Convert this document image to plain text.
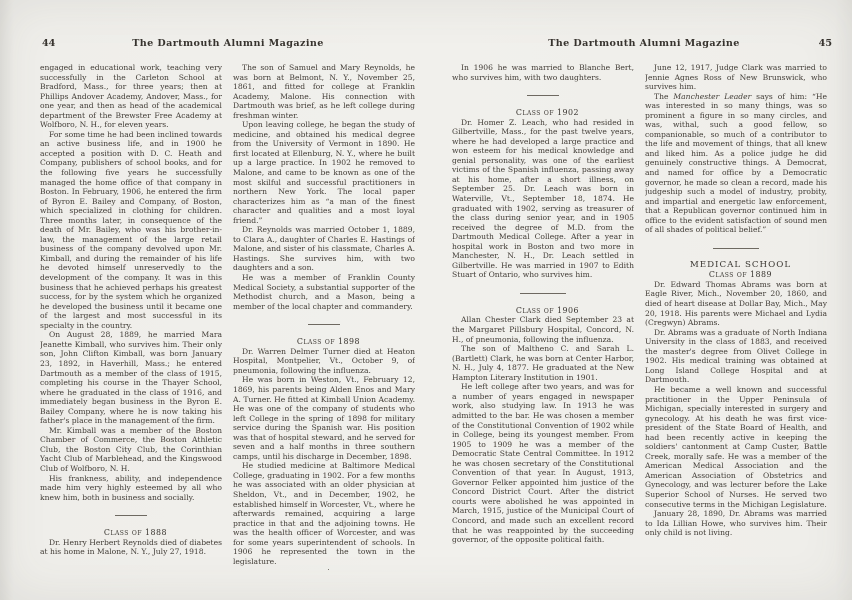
44	The Dartmouth Alumni Magazine

engaged in educational work, teaching very successfully in the Carleton School at Bradford, Mass., for three years; then at Phillips Andover Academy, Andover, Mass., for one year, and then as head of the academical department of the Brewster Free Academy at Wolfboro, N. H., for eleven years.

For some time he had been inclined towards an active business life, and in 1900 he accepted a position with D. C. Heath and Company, publishers of school books, and for the following five years he successfully managed the home office of that company in Boston. In February, 1906, he entered the firm of Byron E. Bailey and Company, of Boston, which specialized in clothing for children. Three months later, in consequence of the death of Mr. Bailey, who was his brother-in-law, the management of the large retail business of the company devolved upon Mr. Kimball, and during the remainder of his life he devoted himself unreservedly to the development of the company. It was in this business that he achieved perhaps his greatest success, for by the system which he organized he developed the business until it became one of the largest and most successful in its specialty in the country.

On August 28, 1889, he married Mara Jeanette Kimball, who survives him. Their only son, John Clifton Kimball, was born January 23, 1892, in Haverhill, Mass.; he entered Dartmouth as a member of the class of 1915, completing his course in the Thayer School, where he graduated in the class of 1916, and immediately began business in the Byron E. Bailey Company, where he is now taking his father's place in the management of the firm.

Mr. Kimball was a member of the Boston Chamber of Commerce, the Boston Athletic Club, the Boston City Club, the Corinthian Yacht Club of Marblehead, and the Kingswood Club of Wolfboro, N. H.

His frankness, ability, and independence made him very highly esteemed by all who knew him, both in business and socially.

Class of 1888

Dr. Henry Herbert Reynolds died of diabetes at his home in Malone, N. Y., July 27, 1918.

The son of Samuel and Mary Reynolds, he was born at Belmont, N. Y., November 25, 1861, and fitted for college at Franklin Academy, Malone. His connection with Dartmouth was brief, as he left college during freshman winter.

Upon leaving college, he began the study of medicine, and obtained his medical degree from the University of Vermont in 1890. He first located at Ellenburg, N. Y., where he built up a large practice. In 1902 he removed to Malone, and came to be known as one of the most skilful and successful practitioners in northern New York. The local paper characterizes him as “a man of the finest character and qualities and a most loyal friend.”

Dr. Reynolds was married October 1, 1889, to Clara A., daughter of Charles E. Hastings of Malone, and sister of his classmate, Charles A. Hastings. She survives him, with two daughters and a son.

He was a member of Franklin County Medical Society, a substantial supporter of the Methodist church, and a Mason, being a member of the local chapter and commandery.

Class of 1898

Dr. Warren Delmer Turner died at Heaton Hospital, Montpelier, Vt., October 9, of pneumonia, following the influenza.

He was born in Weston, Vt., February 12, 1869, his parents being Alden Enos and Mary A. Turner. He fitted at Kimball Union Academy. He was one of the company of students who left College in the spring of 1898 for military service during the Spanish war. His position was that of hospital steward, and he served for seven and a half months in three southern camps, until his discharge in December, 1898.

He studied medicine at Baltimore Medical College, graduating in 1902. For a few months he was associated with an older physician at Sheldon, Vt., and in December, 1902, he established himself in Worcester, Vt., where he afterwards remained, acquiring a large practice in that and the adjoining towns. He was the health officer of Worcester, and was for some years superintendent of schools. In 1906 he represented the town in the legislature.

·

45
The Dartmouth Alumni Magazine

In 1906 he was married to Blanche Bert, who survives him, with two daughters.

Class of 1902

Dr. Homer Z. Leach, who had resided in Gilbertville, Mass., for the past twelve years, where he had developed a large practice and won esteem for his medical knowledge and genial personality, was one of the earliest victims of the Spanish influenza, passing away at his home, after a short illness, on September 25. Dr. Leach was born in Waterville, Vt., September 18, 1874. He graduated with 1902, serving as treasurer of the class during senior year, and in 1905 received the degree of M.D. from the Dartmouth Medical College. After a year in hospital work in Boston and two more in Manchester, N. H., Dr. Leach settled in Gilbertville. He was married in 1907 to Edith Stuart of Ontario, who survives him.

Class of 1906

Allan Chester Clark died September 23 at the Margaret Pillsbury Hospital, Concord, N. H., of pneumonia, following the influenza.

The son of Maltheno C. and Sarah L. (Bartlett) Clark, he was born at Center Harbor, N. H., July 4, 1877. He graduated at the New Hampton Literary Institution in 1901.

He left college after two years, and was for a number of years engaged in newspaper work, also studying law. In 1913 he was admitted to the bar. He was chosen a member of the Constitutional Convention of 1902 while in College, being its youngest member. From 1905 to 1909 he was a member of the Democratic State Central Committee. In 1912 he was chosen secretary of the Constitutional Convention of that year. In August, 1913, Governor Felker appointed him justice of the Concord District Court. After the district courts were abolished he was appointed in March, 1915, justice of the Municipal Court of Concord, and made such an excellent record that he was reappointed by the succeeding governor, of the opposite political faith.

June 12, 1917, Judge Clark was married to Jennie Agnes Ross of New Brunswick, who survives him.

The Manchester Leader says of him: “He was interested in so many things, was so prominent a figure in so many circles, and was, withal, such a good fellow, so companionable, so much of a contributor to the life and movement of things, that all knew and liked him. As a police judge he did genuinely constructive things. A Democrat, and named for office by a Democratic governor, he made so clean a record, made his judgeship such a model of industry, probity, and impartial and energetic law enforcement, that a Republican governor continued him in office to the evident satisfaction of sound men of all shades of political belief.”

MEDICAL SCHOOL

Class of 1889

Dr. Edward Thomas Abrams was born at Eagle River, Mich., November 20, 1860, and died of heart disease at Dollar Bay, Mich., May 20, 1918. His parents were Michael and Lydia (Cregwyn) Abrams.

Dr. Abrams was a graduate of North Indiana University in the class of 1883, and received the master's degree from Olivet College in 1902. His medical training was obtained at Long Island College Hospital and at Dartmouth.

He became a well known and successful practitioner in the Upper Peninsula of Michigan, specially interested in surgery and gynecology. At his death he was first vice-president of the State Board of Health, and had been recently active in keeping the soldiers' cantonment at Camp Custer, Battle Creek, morally safe. He was a member of the American Medical Association and the American Association of Obstetrics and Gynecology, and was lecturer before the Lake Superior School of Nurses. He served two consecutive terms in the Michigan Legislature.

January 28, 1890, Dr. Abrams was married to Ida Lillian Howe, who survives him. Their only child is not living.
